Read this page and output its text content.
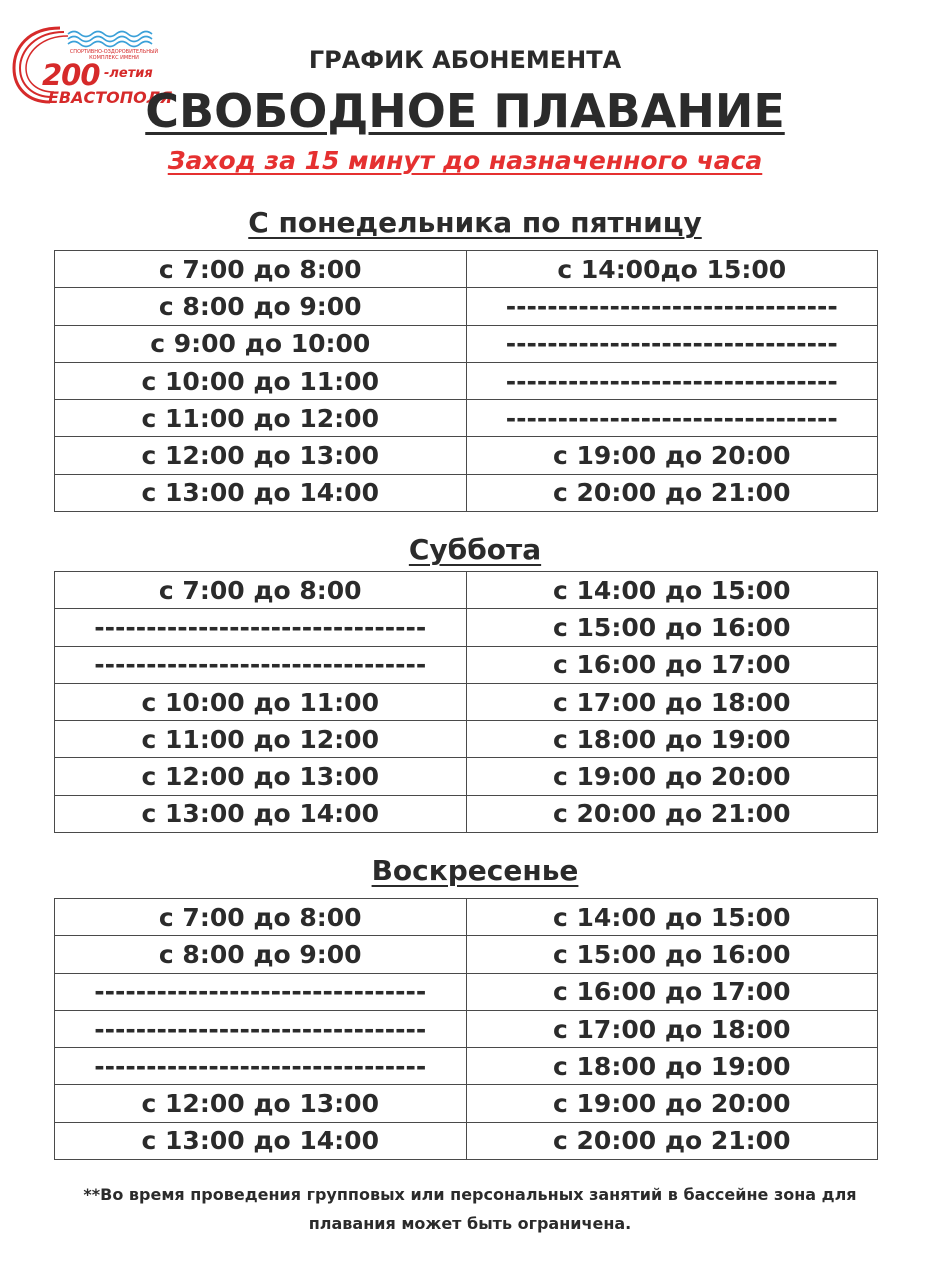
СПОРТИВНО-ОЗДОРОВИТЕЛЬНЫЙ КОМПЛЕКС ИМЕНИ
200 -летия
ЕВАСТОПОЛЯ
ГРАФИК АБОНЕМЕНТА
СВОБОДНОЕ ПЛАВАНИЕ
Заход за 15 минут до назначенного часа
С понедельника по пятницу
с 7:00 до 8:00	с 14:00до 15:00
с 8:00 до 9:00	--------------------------------
с 9:00 до 10:00	--------------------------------
с 10:00 до 11:00	--------------------------------
с 11:00 до 12:00	--------------------------------
с 12:00 до 13:00	с 19:00 до 20:00
с 13:00 до 14:00	с 20:00 до 21:00
Суббота
с 7:00 до 8:00	с 14:00 до 15:00
--------------------------------	с 15:00 до 16:00
--------------------------------	с 16:00 до 17:00
с 10:00 до 11:00	с 17:00 до 18:00
с 11:00 до 12:00	с 18:00 до 19:00
с 12:00 до 13:00	с 19:00 до 20:00
с 13:00 до 14:00	с 20:00 до 21:00
Воскресенье
с 7:00 до 8:00	с 14:00 до 15:00
с 8:00 до 9:00	с 15:00 до 16:00
--------------------------------	с 16:00 до 17:00
--------------------------------	с 17:00 до 18:00
--------------------------------	с 18:00 до 19:00
с 12:00 до 13:00	с 19:00 до 20:00
с 13:00 до 14:00	с 20:00 до 21:00
**Во время проведения групповых или персональных занятий в бассейне зона для плавания может быть ограничена.
